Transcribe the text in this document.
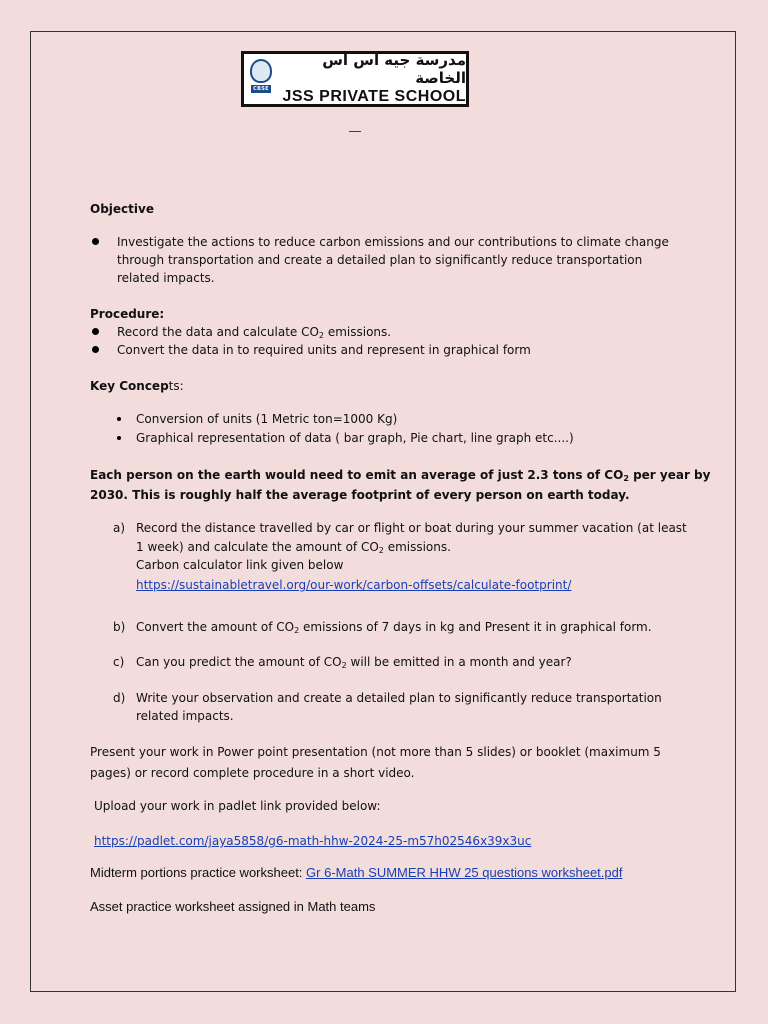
CBSE
مدرسة جيه اس اس الخاصة
JSS PRIVATE SCHOOL
Objective
Investigate the actions to reduce carbon emissions and our contributions to climate change
through transportation and create a detailed plan to significantly reduce transportation
related impacts.
Procedure:
Record the data and calculate $CO_2$ emissions.
Convert the data in to required units and represent in graphical form
Key Concepts:
Conversion of units (1 Metric ton=1000 Kg)
Graphical representation of data ( bar graph, Pie chart, line graph etc....)
Each person on the earth would need to emit an average of just 2.3 tons of $CO_2$ per year by
2030. This is roughly half the average footprint of every person on earth today.
a) Record the distance travelled by car or flight or boat during your summer vacation (at least
1 week) and calculate the amount of $CO_2$ emissions.
Carbon calculator link given below
https://sustainabletravel.org/our-work/carbon-offsets/calculate-footprint/
b) Convert the amount of $CO_2$ emissions of 7 days in kg and Present it in graphical form.
c) Can you predict the amount of $CO_2$ will be emitted in a month and year?
d) Write your observation and create a detailed plan to significantly reduce transportation
related impacts.
Present your work in Power point presentation (not more than 5 slides) or booklet (maximum 5
pages) or record complete procedure in a short video.
Upload your work in padlet link provided below:
https://padlet.com/jaya5858/g6-math-hhw-2024-25-m57h02546x39x3uc
Midterm portions practice worksheet: Gr 6-Math SUMMER HHW 25 questions worksheet.pdf
Asset practice worksheet assigned in Math teams
